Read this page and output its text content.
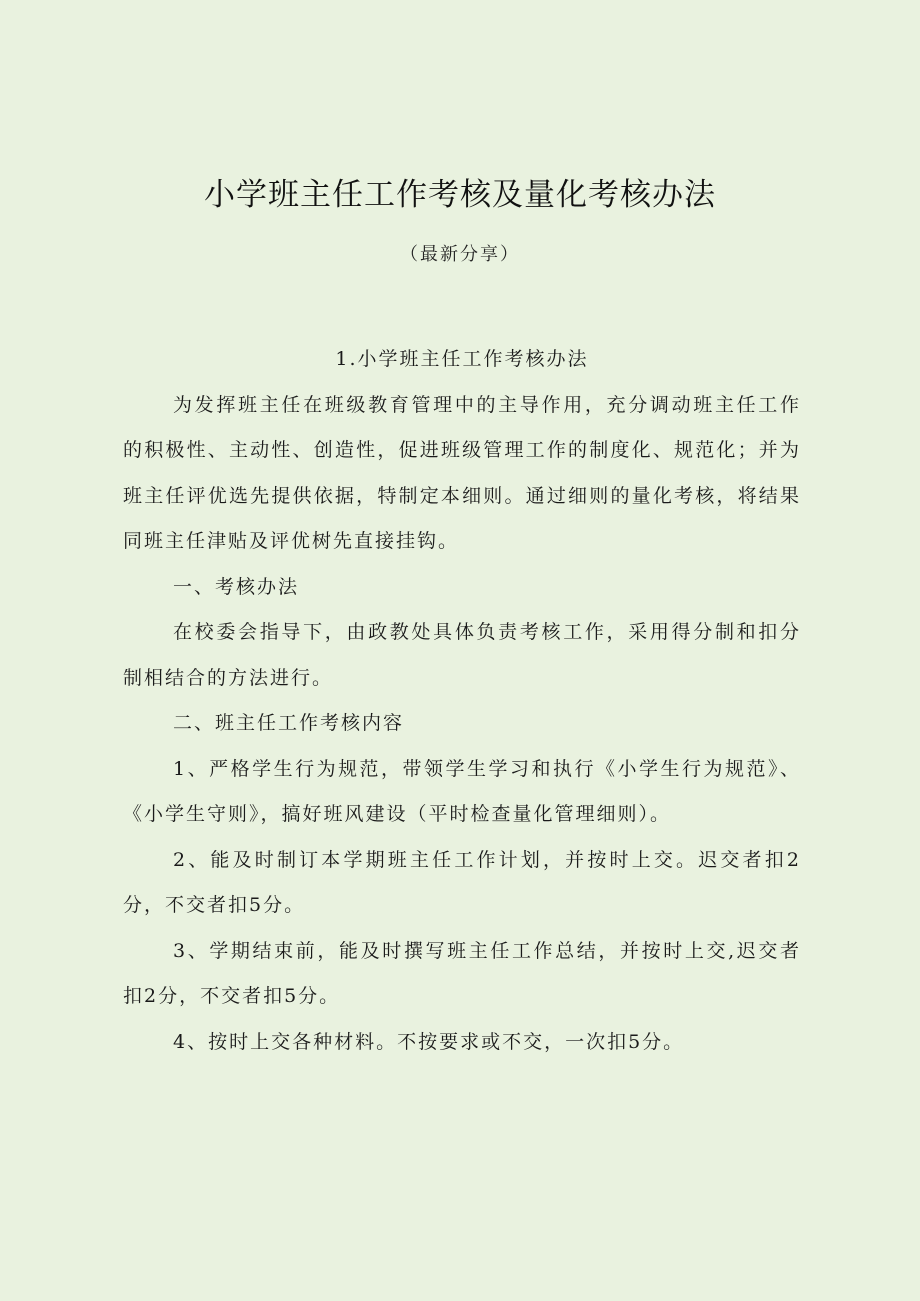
小学班主任工作考核及量化考核办法

（最新分享）

1.小学班主任工作考核办法

为发挥班主任在班级教育管理中的主导作用，充分调动班主任工作的积极性、主动性、创造性，促进班级管理工作的制度化、规范化；并为班主任评优选先提供依据，特制定本细则。通过细则的量化考核，将结果同班主任津贴及评优树先直接挂钩。

一、考核办法

在校委会指导下，由政教处具体负责考核工作，采用得分制和扣分制相结合的方法进行。

二、班主任工作考核内容

1、严格学生行为规范，带领学生学习和执行《小学生行为规范》、《小学生守则》，搞好班风建设（平时检查量化管理细则）。

2、能及时制订本学期班主任工作计划，并按时上交。迟交者扣2分，不交者扣5分。

3、学期结束前，能及时撰写班主任工作总结，并按时上交,迟交者扣2分，不交者扣5分。

4、按时上交各种材料。不按要求或不交，一次扣5分。
